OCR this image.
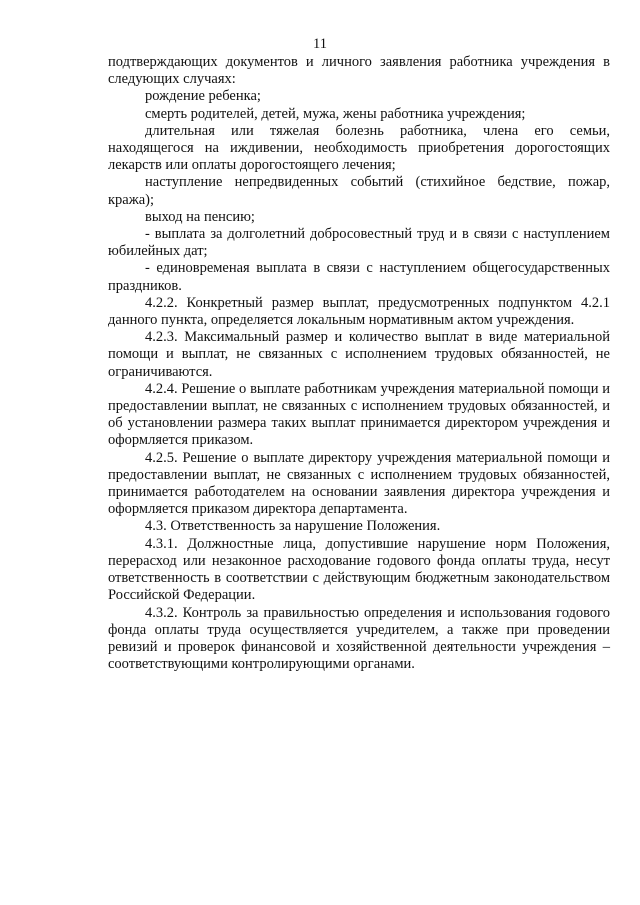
11

подтверждающих документов и личного заявления работника учреждения в следующих случаях:

рождение ребенка;

смерть родителей, детей, мужа, жены работника учреждения;

длительная или тяжелая болезнь работника, члена его семьи, находящегося на иждивении, необходимость приобретения дорогостоящих лекарств или оплаты дорогостоящего лечения;

наступление непредвиденных событий (стихийное бедствие, пожар, кража);

выход на пенсию;

- выплата за долголетний добросовестный труд и в связи с наступлением юбилейных дат;

- единовременая выплата в связи с наступлением общегосударственных праздников.

4.2.2. Конкретный размер выплат, предусмотренных подпунктом 4.2.1 данного пункта, определяется локальным нормативным актом учреждения.

4.2.3. Максимальный размер и количество выплат в виде материальной помощи и выплат, не связанных с исполнением трудовых обязанностей, не ограничиваются.

4.2.4. Решение о выплате работникам учреждения материальной помощи и предоставлении выплат, не связанных с исполнением трудовых обязанностей, и об установлении размера таких выплат принимается директором учреждения и оформляется приказом.

4.2.5. Решение о выплате директору учреждения материальной помощи и предоставлении выплат, не связанных с исполнением трудовых обязанностей, принимается работодателем на основании заявления директора учреждения и оформляется приказом директора департамента.

4.3. Ответственность за нарушение Положения.

4.3.1. Должностные лица, допустившие нарушение норм Положения, перерасход или незаконное расходование годового фонда оплаты труда, несут ответственность в соответствии с действующим бюджетным законодательством Российской Федерации.

4.3.2. Контроль за правильностью определения и использования годового фонда оплаты труда осуществляется учредителем, а также при проведении ревизий и проверок финансовой и хозяйственной деятельности учреждения – соответствующими контролирующими органами.
